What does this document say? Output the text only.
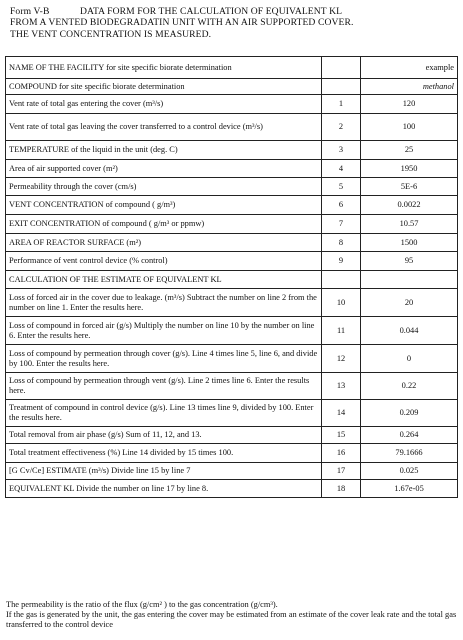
Form V-B	DATA FORM FOR THE CALCULATION OF EQUIVALENT KL
FROM A VENTED BIODEGRADATIN UNIT WITH AN AIR SUPPORTED COVER.
THE VENT CONCENTRATION IS MEASURED.
NAME OF THE FACILITY for site specific biorate determination		example
COMPOUND for site specific biorate determination		methanol
Vent rate of total gas entering the cover (m³/s)	1	120
Vent rate of total gas leaving the cover transferred to a control device (m³/s)	2	100
TEMPERATURE of the liquid in the unit (deg. C)	3	25
Area of air supported cover (m²)	4	1950
Permeability through the cover (cm/s)	5	5E-6
VENT CONCENTRATION of compound ( g/m³)	6	0.0022
EXIT CONCENTRATION of compound ( g/m³ or ppmw)	7	10.57
AREA OF REACTOR SURFACE (m²)	8	1500
Performance of vent control device (% control)	9	95
CALCULATION OF THE ESTIMATE OF EQUIVALENT KL		
Loss of forced air in the cover due to leakage. (m³/s) Subtract the number on line 2 from the number on line 1. Enter the results here.	10	20
Loss of compound in forced air (g/s) Multiply the number on line 10 by the number on line 6. Enter the results here.	11	0.044
Loss of compound by permeation through cover (g/s). Line 4 times line 5, line 6, and divide by 100. Enter the results here.	12	0
Loss of compound by permeation through vent (g/s). Line 2 times line 6. Enter the results here.	13	0.22
Treatment of compound in control device (g/s). Line 13 times line 9, divided by 100. Enter the results here.	14	0.209
Total removal from air phase (g/s) Sum of 11, 12, and 13.	15	0.264
Total treatment effectiveness (%) Line 14 divided by 15 times 100.	16	79.1666
[G Cv/Ce] ESTIMATE (m³/s) Divide line 15 by line 7	17	0.025
EQUIVALENT KL Divide the number on line 17 by line 8.	18	1.67e-05
The permeability is the ratio of the flux (g/cm² ) to the gas concentration (g/cm³).
If the gas is generated by the unit, the gas entering the cover may be estimated from an estimate of the cover leak rate and the total gas transferred to the control device
